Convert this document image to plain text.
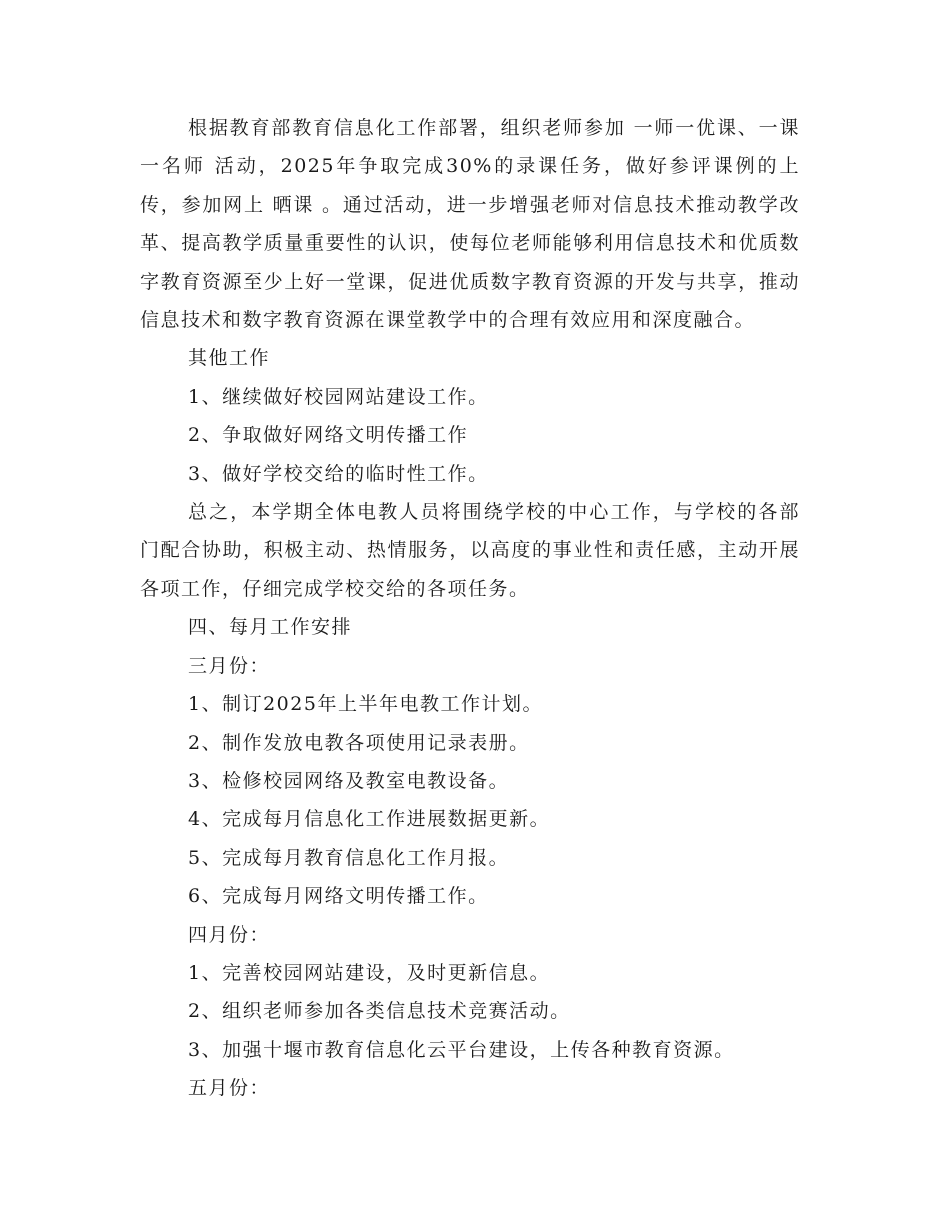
根据教育部教育信息化工作部署，组织老师参加 一师一优课、一课一名师 活动，2025年争取完成30%的录课任务，做好参评课例的上传，参加网上 晒课 。通过活动，进一步增强老师对信息技术推动教学改革、提高教学质量重要性的认识，使每位老师能够利用信息技术和优质数字教育资源至少上好一堂课，促进优质数字教育资源的开发与共享，推动信息技术和数字教育资源在课堂教学中的合理有效应用和深度融合。

其他工作

1、继续做好校园网站建设工作。

2、争取做好网络文明传播工作

3、做好学校交给的临时性工作。

总之，本学期全体电教人员将围绕学校的中心工作，与学校的各部门配合协助，积极主动、热情服务，以高度的事业性和责任感，主动开展各项工作，仔细完成学校交给的各项任务。

四、每月工作安排

三月份：

1、制订2025年上半年电教工作计划。

2、制作发放电教各项使用记录表册。

3、检修校园网络及教室电教设备。

4、完成每月信息化工作进展数据更新。

5、完成每月教育信息化工作月报。

6、完成每月网络文明传播工作。

四月份：

1、完善校园网站建设，及时更新信息。

2、组织老师参加各类信息技术竞赛活动。

3、加强十堰市教育信息化云平台建设，上传各种教育资源。

五月份：
